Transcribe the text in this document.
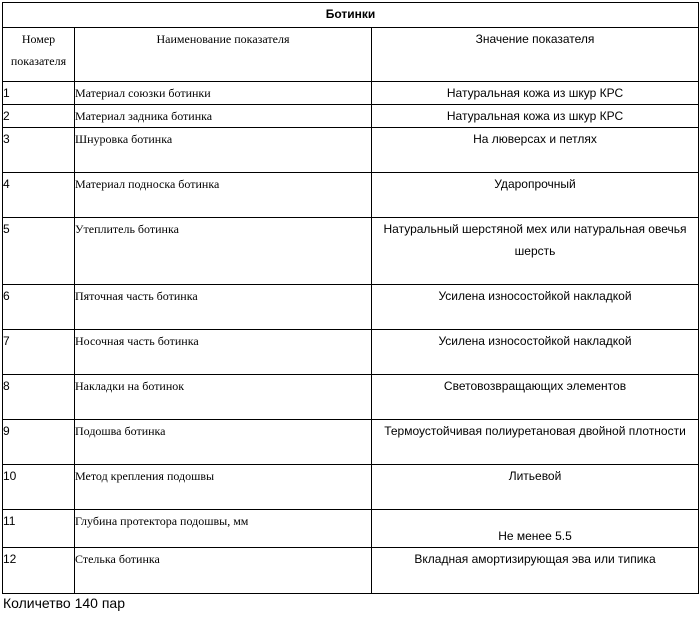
Ботинки		
Номер показателя	Наименование показателя	Значение показателя
1	Материал союзки ботинки	Натуральная кожа из шкур КРС
2	Материал задника ботинка	Натуральная кожа из шкур КРС
3	Шнуровка ботинка	На люверсах и петлях
4	Материал подноска ботинка	Ударопрочный
5	Утеплитель ботинка	Натуральный шерстяной мех или натуральная овечья шерсть
6	Пяточная часть ботинка	Усилена износостойкой накладкой
7	Носочная часть ботинка	Усилена износостойкой накладкой
8	Накладки на ботинок	Световозвращающих элементов
9	Подошва ботинка	Термоустойчивая полиуретановая двойной плотности
10	Метод крепления подошвы	Литьевой
11	Глубина протектора подошвы, мм	Не менее 5.5
12	Стелька ботинка	Вкладная амортизирующая эва или типика
Количетво 140 пар
